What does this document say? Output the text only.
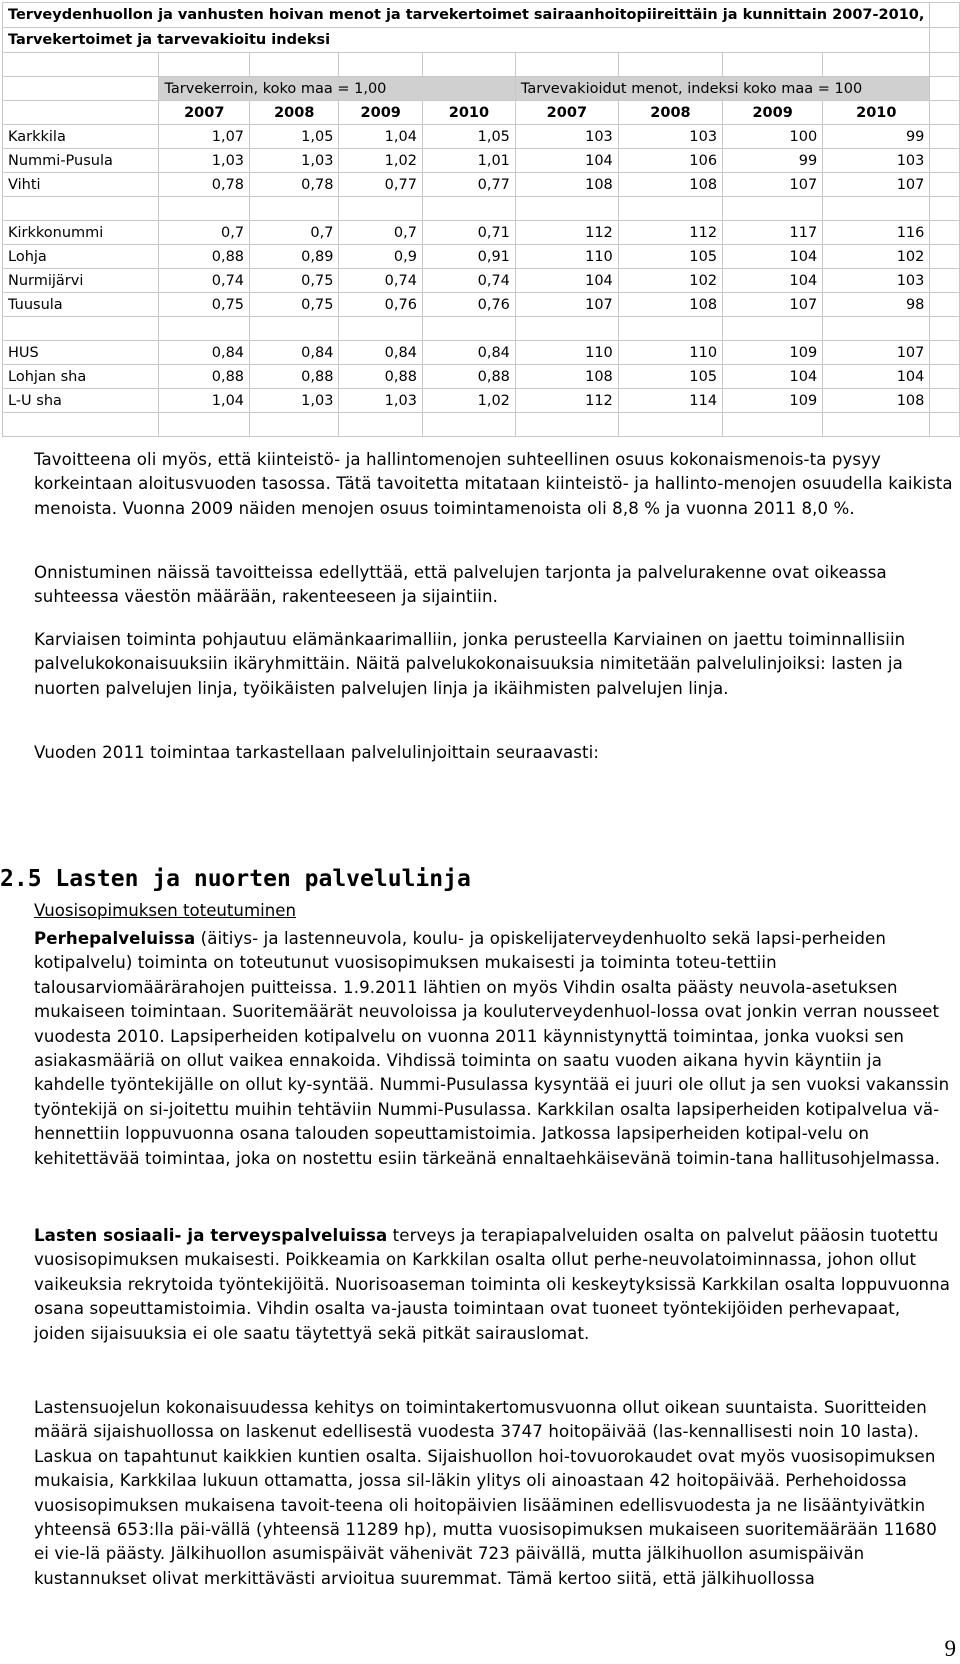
Terveydenhuollon ja vanhusten hoivan menot ja tarvekertoimet sairaanhoitopiireittäin ja kunnittain 2007-2010,									
Tarvekertoimet ja tarvevakioitu indeksi									

	Tarvekerroin, koko maa = 1,00				Tarvevakioidut menot, indeksi koko maa = 100				
	2007	2008	2009	2010	2007	2008	2009	2010	
Karkkila	1,07	1,05	1,04	1,05	103	103	100	99	
Nummi-Pusula	1,03	1,03	1,02	1,01	104	106	99	103	
Vihti	0,78	0,78	0,77	0,77	108	108	107	107	

Kirkkonummi	0,7	0,7	0,7	0,71	112	112	117	116	
Lohja	0,88	0,89	0,9	0,91	110	105	104	102	
Nurmijärvi	0,74	0,75	0,74	0,74	104	102	104	103	
Tuusula	0,75	0,75	0,76	0,76	107	108	107	98	

HUS	0,84	0,84	0,84	0,84	110	110	109	107	
Lohjan sha	0,88	0,88	0,88	0,88	108	105	104	104	
L-U sha	1,04	1,03	1,03	1,02	112	114	109	108	

Tavoitteena oli myös, että kiinteistö- ja hallintomenojen suhteellinen osuus kokonaismenois-ta pysyy korkeintaan aloitusvuoden tasossa. Tätä tavoitetta mitataan kiinteistö- ja hallinto-menojen osuudella kaikista menoista. Vuonna 2009 näiden menojen osuus toimintamenoista oli 8,8 % ja vuonna 2011 8,0 %.

Onnistuminen näissä tavoitteissa edellyttää, että palvelujen tarjonta ja palvelurakenne ovat oikeassa suhteessa väestön määrään, rakenteeseen ja sijaintiin.

Karviaisen toiminta pohjautuu elämänkaarimalliin, jonka perusteella Karviainen on jaettu toiminnallisiin palvelukokonaisuuksiin ikäryhmittäin. Näitä palvelukokonaisuuksia nimitetään palvelulinjoiksi: lasten ja nuorten palvelujen linja, työikäisten palvelujen linja ja ikäihmisten palvelujen linja.

Vuoden 2011 toimintaa tarkastellaan palvelulinjoittain seuraavasti:

2.5 Lasten ja nuorten palvelulinja

Vuosisopimuksen toteutuminen

Perhepalveluissa (äitiys- ja lastenneuvola, koulu- ja opiskelijaterveydenhuolto sekä lapsi-perheiden kotipalvelu) toiminta on toteutunut vuosisopimuksen mukaisesti ja toiminta toteu-tettiin talousarviomäärärahojen puitteissa. 1.9.2011 lähtien on myös Vihdin osalta päästy neuvola-asetuksen mukaiseen toimintaan. Suoritemäärät neuvoloissa ja kouluterveydenhuol-lossa ovat jonkin verran nousseet vuodesta 2010. Lapsiperheiden kotipalvelu on vuonna 2011 käynnistynyttä toimintaa, jonka vuoksi sen asiakasmääriä on ollut vaikea ennakoida. Vihdissä toiminta on saatu vuoden aikana hyvin käyntiin ja kahdelle työntekijälle on ollut ky-syntää. Nummi-Pusulassa kysyntää ei juuri ole ollut ja sen vuoksi vakanssin työntekijä on si-joitettu muihin tehtäviin Nummi-Pusulassa. Karkkilan osalta lapsiperheiden kotipalvelua vä-hennettiin loppuvuonna osana talouden sopeuttamistoimia. Jatkossa lapsiperheiden kotipal-velu on kehitettävää toimintaa, joka on nostettu esiin tärkeänä ennaltaehkäisevänä toimin-tana hallitusohjelmassa.

Lasten sosiaali- ja terveyspalveluissa terveys ja terapiapalveluiden osalta on palvelut pääosin tuotettu vuosisopimuksen mukaisesti. Poikkeamia on Karkkilan osalta ollut perhe-neuvolatoiminnassa, johon ollut vaikeuksia rekrytoida työntekijöitä. Nuorisoaseman toiminta oli keskeytyksissä Karkkilan osalta loppuvuonna osana sopeuttamistoimia. Vihdin osalta va-jausta toimintaan ovat tuoneet työntekijöiden perhevapaat, joiden sijaisuuksia ei ole saatu täytettyä sekä pitkät sairauslomat.

Lastensuojelun kokonaisuudessa kehitys on toimintakertomusvuonna ollut oikean suuntaista. Suoritteiden määrä sijaishuollossa on laskenut edellisestä vuodesta 3747 hoitopäivää (las-kennallisesti noin 10 lasta). Laskua on tapahtunut kaikkien kuntien osalta. Sijaishuollon hoi-tovuorokaudet ovat myös vuosisopimuksen mukaisia, Karkkilaa lukuun ottamatta, jossa sil-läkin ylitys oli ainoastaan 42 hoitopäivää. Perhehoidossa vuosisopimuksen mukaisena tavoit-teena oli hoitopäivien lisääminen edellisvuodesta ja ne lisääntyivätkin yhteensä 653:lla päi-vällä (yhteensä 11289 hp), mutta vuosisopimuksen mukaiseen suoritemäärään 11680 ei vie-lä päästy. Jälkihuollon asumispäivät vähenivät 723 päivällä, mutta jälkihuollon asumispäivän kustannukset olivat merkittävästi arvioitua suuremmat. Tämä kertoo siitä, että jälkihuollossa

9
